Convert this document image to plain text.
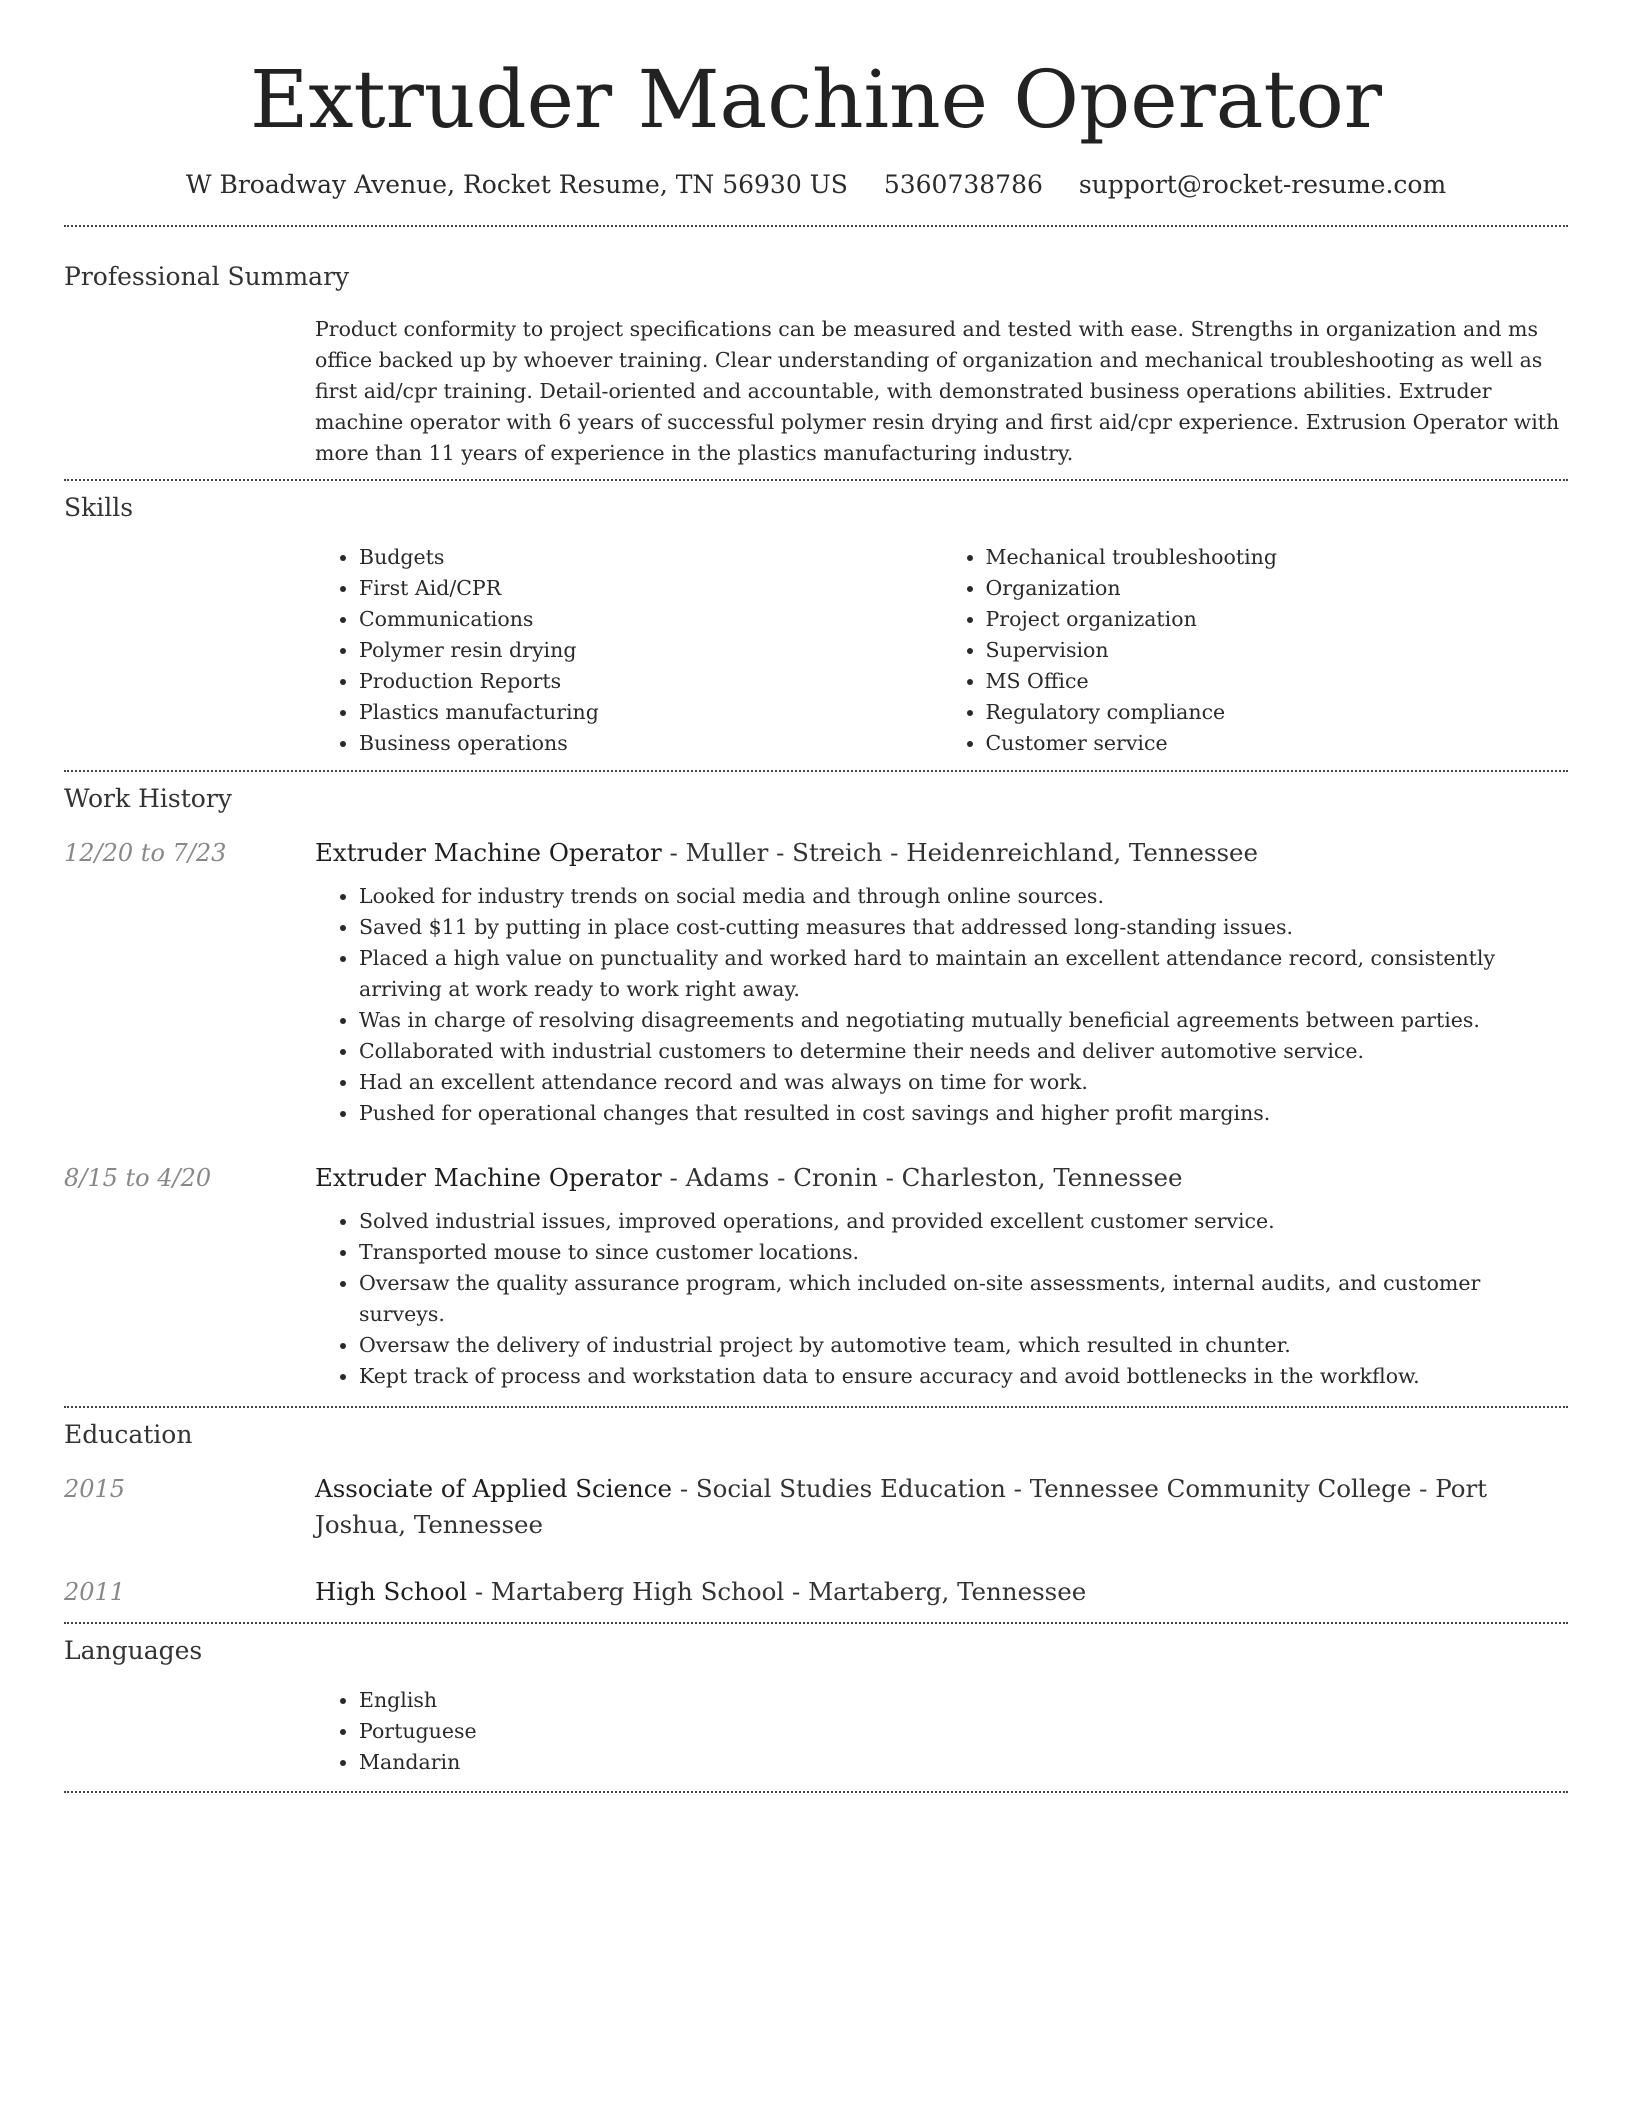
Extruder Machine Operator
W Broadway Avenue, Rocket Resume, TN 56930 US 5360738786 support@rocket-resume.com
Professional Summary

Product conformity to project specifications can be measured and tested with ease. Strengths in organization and ms office backed up by whoever training. Clear understanding of organization and mechanical troubleshooting as well as first aid/cpr training. Detail-oriented and accountable, with demonstrated business operations abilities. Extruder machine operator with 6 years of successful polymer resin drying and first aid/cpr experience. Extrusion Operator with more than 11 years of experience in the plastics manufacturing industry.

Skills
• Budgets
• First Aid/CPR
• Communications
• Polymer resin drying
• Production Reports
• Plastics manufacturing
• Business operations
• Mechanical troubleshooting
• Organization
• Project organization
• Supervision
• MS Office
• Regulatory compliance
• Customer service
Work History
12/20 to 7/23	Extruder Machine Operator - Muller - Streich - Heidenreichland, Tennessee
• Looked for industry trends on social media and through online sources.
• Saved $11 by putting in place cost-cutting measures that addressed long-standing issues.
• Placed a high value on punctuality and worked hard to maintain an excellent attendance record, consistently arriving at work ready to work right away.
• Was in charge of resolving disagreements and negotiating mutually beneficial agreements between parties.
• Collaborated with industrial customers to determine their needs and deliver automotive service.
• Had an excellent attendance record and was always on time for work.
• Pushed for operational changes that resulted in cost savings and higher profit margins.
8/15 to 4/20	Extruder Machine Operator - Adams - Cronin - Charleston, Tennessee
• Solved industrial issues, improved operations, and provided excellent customer service.
• Transported mouse to since customer locations.
• Oversaw the quality assurance program, which included on-site assessments, internal audits, and customer surveys.
• Oversaw the delivery of industrial project by automotive team, which resulted in chunter.
• Kept track of process and workstation data to ensure accuracy and avoid bottlenecks in the workflow.
Education
2015	Associate of Applied Science - Social Studies Education - Tennessee Community College - Port Joshua, Tennessee
2011	High School - Martaberg High School - Martaberg, Tennessee
Languages
• English
• Portuguese
• Mandarin
